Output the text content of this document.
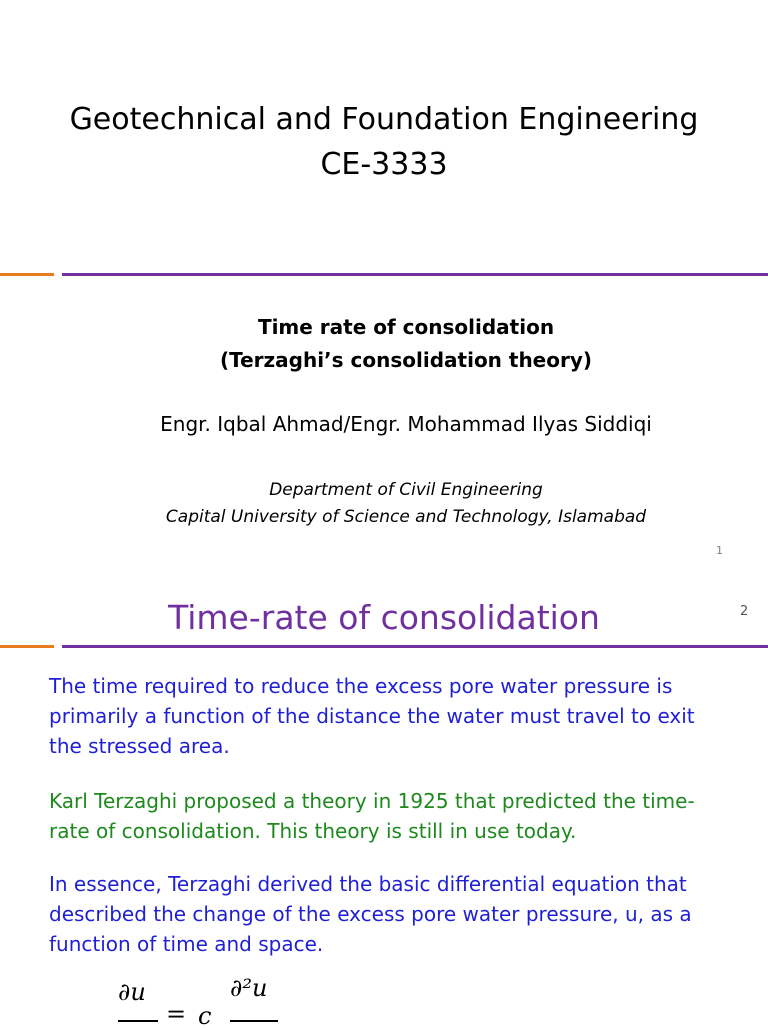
Geotechnical and Foundation Engineering
CE-3333
Time rate of consolidation
(Terzaghi’s consolidation theory)
Engr. Iqbal Ahmad/Engr. Mohammad Ilyas Siddiqi
Department of Civil Engineering
Capital University of Science and Technology, Islamabad
1
2
Time-rate of consolidation
The time required to reduce the excess pore water pressure is
primarily a function of the distance the water must travel to exit
the stressed area.
Karl Terzaghi proposed a theory in 1925 that predicted the time-
rate of consolidation. This theory is still in use today.
In essence, Terzaghi derived the basic differential equation that
described the change of the excess pore water pressure, u, as a
function of time and space.
∂u
= c
∂²u
